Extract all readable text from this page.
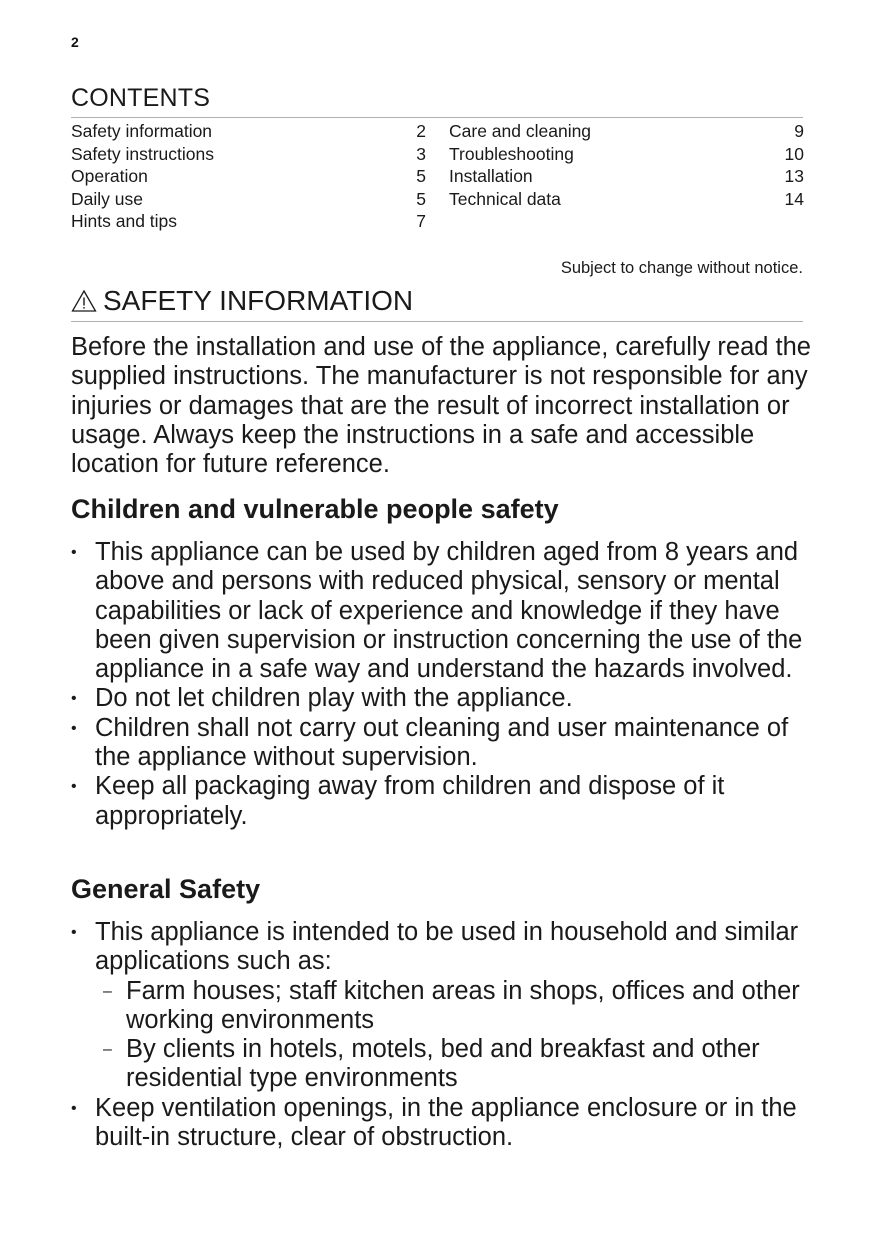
2
CONTENTS
Safety information	2
Safety instructions	3
Operation	5
Daily use	5
Hints and tips	7
Care and cleaning	9
Troubleshooting	10
Installation	13
Technical data	14
Subject to change without notice.
SAFETY INFORMATION

Before the installation and use of the appliance, carefully read the supplied instructions. The manufacturer is not responsible for any injuries or damages that are the result of incorrect installation or usage. Always keep the instructions in a safe and accessible location for future reference.

Children and vulnerable people safety
• This appliance can be used by children aged from 8 years and above and persons with reduced physical, sensory or mental capabilities or lack of experience and knowledge if they have been given supervision or instruction concerning the use of the appliance in a safe way and understand the hazards involved.
• Do not let children play with the appliance.
• Children shall not carry out cleaning and user maintenance of the appliance without supervision.
• Keep all packaging away from children and dispose of it appropriately.
General Safety
• This appliance is intended to be used in household and similar applications such as:
– Farm houses; staff kitchen areas in shops, offices and other working environments
– By clients in hotels, motels, bed and breakfast and other residential type environments
• Keep ventilation openings, in the appliance enclosure or in the built-in structure, clear of obstruction.
